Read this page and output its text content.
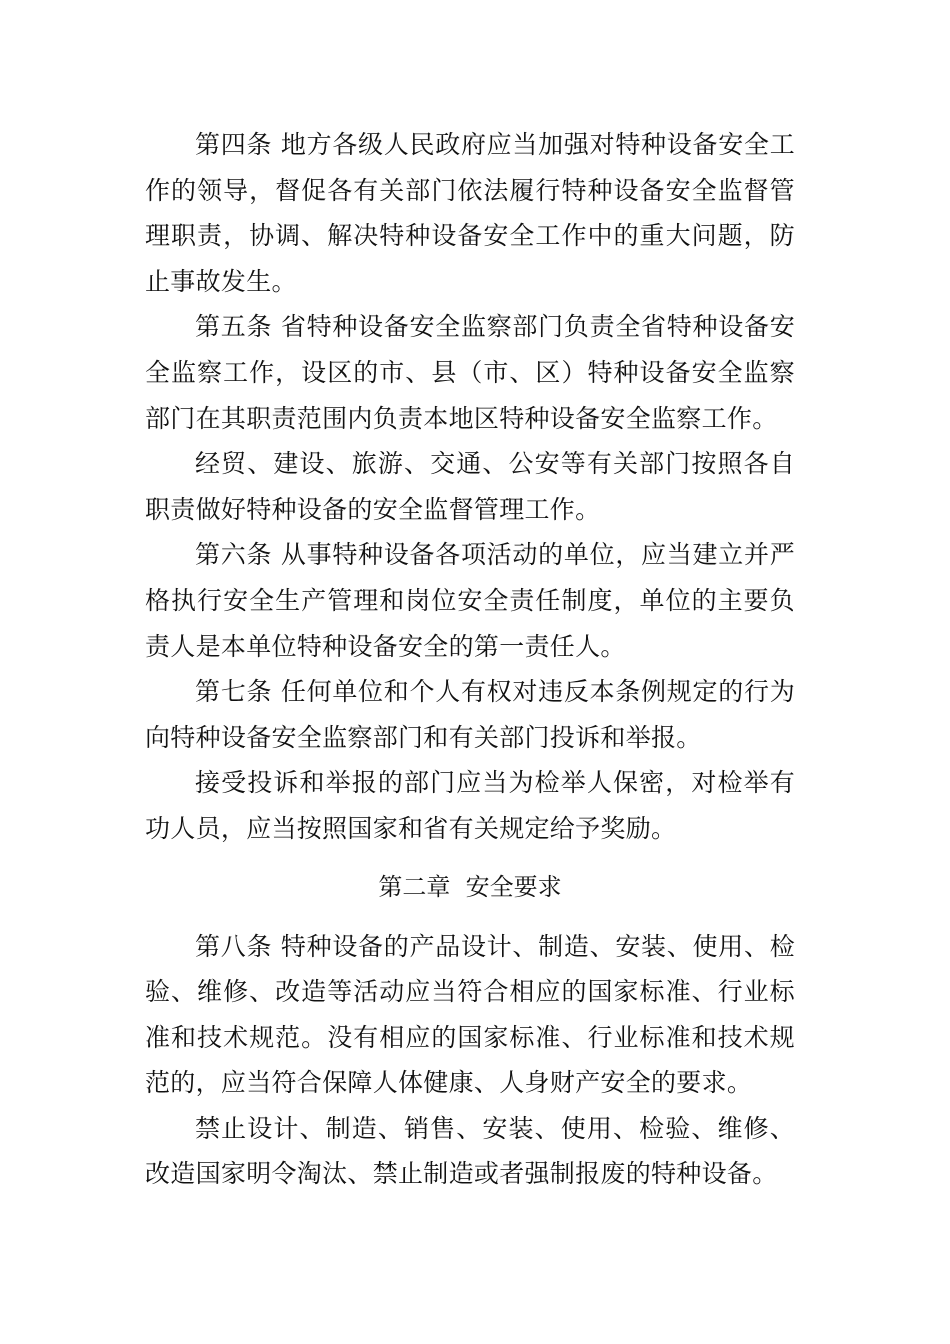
第四条 地方各级人民政府应当加强对特种设备安全工作的领导，督促各有关部门依法履行特种设备安全监督管理职责，协调、解决特种设备安全工作中的重大问题，防止事故发生。

第五条 省特种设备安全监察部门负责全省特种设备安全监察工作，设区的市、县（市、区）特种设备安全监察部门在其职责范围内负责本地区特种设备安全监察工作。

经贸、建设、旅游、交通、公安等有关部门按照各自职责做好特种设备的安全监督管理工作。

第六条 从事特种设备各项活动的单位，应当建立并严格执行安全生产管理和岗位安全责任制度，单位的主要负责人是本单位特种设备安全的第一责任人。

第七条 任何单位和个人有权对违反本条例规定的行为向特种设备安全监察部门和有关部门投诉和举报。

接受投诉和举报的部门应当为检举人保密，对检举有功人员，应当按照国家和省有关规定给予奖励。

第二章  安全要求

第八条 特种设备的产品设计、制造、安装、使用、检验、维修、改造等活动应当符合相应的国家标准、行业标准和技术规范。没有相应的国家标准、行业标准和技术规范的，应当符合保障人体健康、人身财产安全的要求。

禁止设计、制造、销售、安装、使用、检验、维修、改造国家明令淘汰、禁止制造或者强制报废的特种设备。
